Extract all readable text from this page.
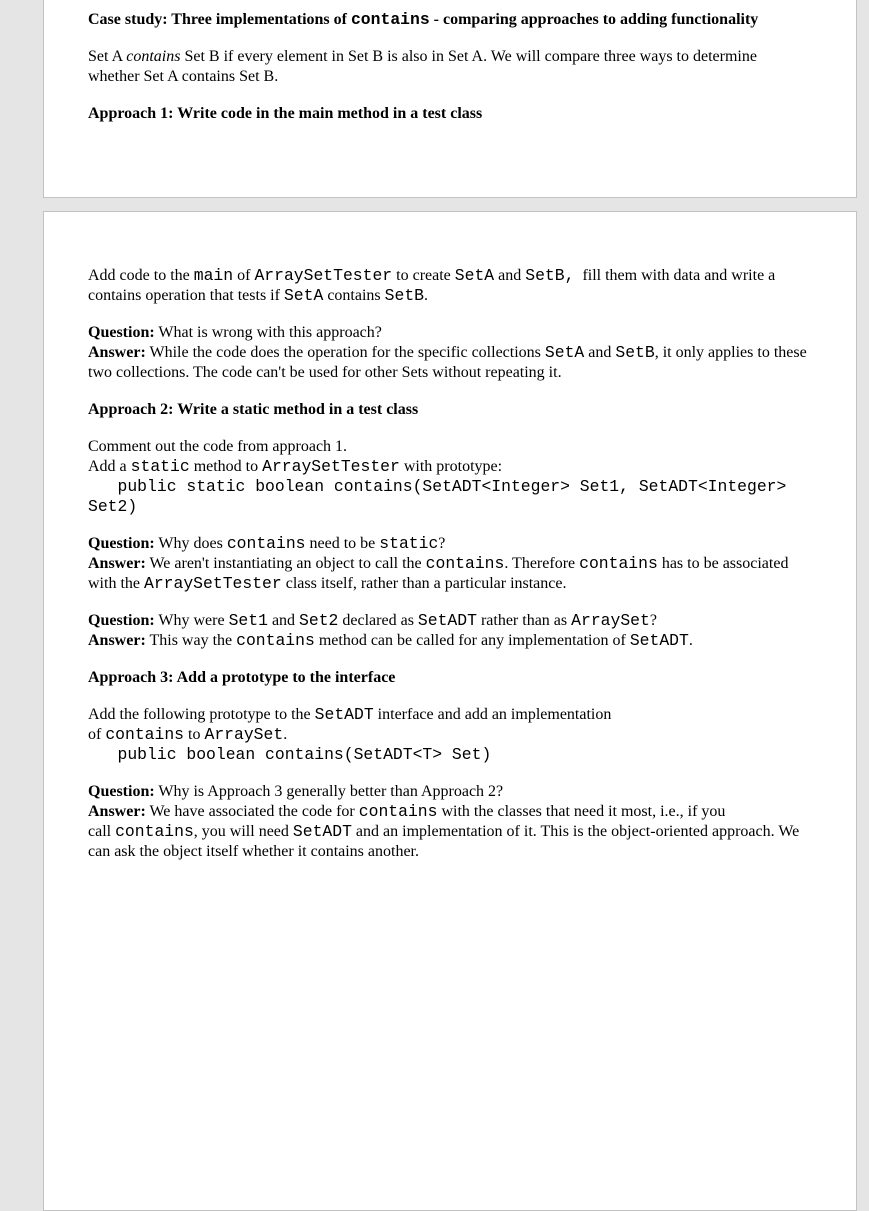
Case study: Three implementations of contains - comparing approaches to adding functionality

Set A contains Set B if every element in Set B is also in Set A. We will compare three ways to determine
whether Set A contains Set B.

Approach 1: Write code in the main method in a test class

Add code to the main of ArraySetTester to create SetA and SetB,  fill them with data and write a
contains operation that tests if SetA contains SetB.

Question: What is wrong with this approach?
Answer: While the code does the operation for the specific collections SetA and SetB, it only applies to these
two collections. The code can't be used for other Sets without repeating it.

Approach 2: Write a static method in a test class

Comment out the code from approach 1.
Add a static method to ArraySetTester with prototype:
public static boolean contains(SetADT<Integer> Set1, SetADT<Integer>
Set2)

Question: Why does contains need to be static?
Answer: We aren't instantiating an object to call the contains. Therefore contains has to be associated
with the ArraySetTester class itself, rather than a particular instance.

Question: Why were Set1 and Set2 declared as SetADT rather than as ArraySet?
Answer: This way the contains method can be called for any implementation of SetADT.

Approach 3: Add a prototype to the interface

Add the following prototype to the SetADT interface and add an implementation
of contains to ArraySet.
public boolean contains(SetADT<T> Set)

Question: Why is Approach 3 generally better than Approach 2?
Answer: We have associated the code for contains with the classes that need it most, i.e., if you
call contains, you will need SetADT and an implementation of it. This is the object-oriented approach. We
can ask the object itself whether it contains another.
